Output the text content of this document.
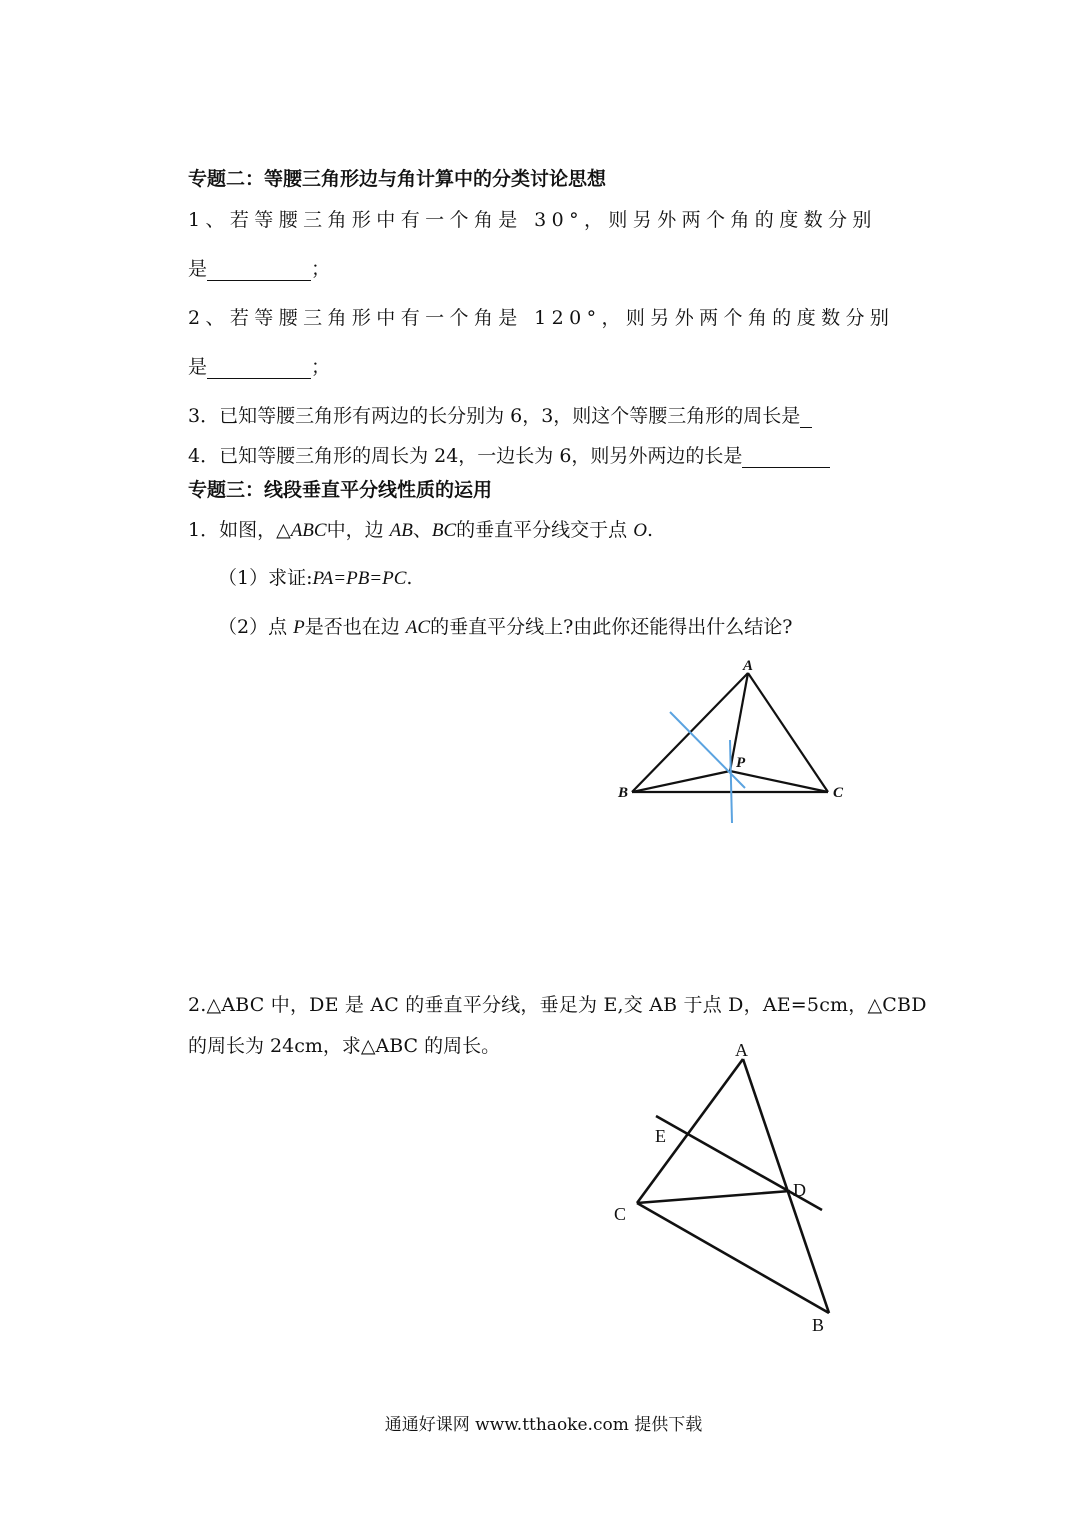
专题二：等腰三角形边与角计算中的分类讨论思想
1、若等腰三角形中有一个角是 30°，则另外两个角的度数分别
是	；
2、若等腰三角形中有一个角是 120°，则另外两个角的度数分别
是	；
3．已知等腰三角形有两边的长分别为 6，3，则这个等腰三角形的周长是
4．已知等腰三角形的周长为 24，一边长为 6，则另外两边的长是
专题三：线段垂直平分线性质的运用
1．如图，△ABC中，边 AB、BC的垂直平分线交于点 O.
（1）求证:PA=PB=PC.
（2）点 P是否也在边 AC的垂直平分线上?由此你还能得出什么结论?
A
B	C
P
2.△ABC 中，DE 是 AC 的垂直平分线，垂足为 E,交 AB 于点 D，AE=5cm，△CBD
的周长为 24cm，求△ABC 的周长。	A
E
D
C
B
通通好课网 www.tthaoke.com 提供下载
